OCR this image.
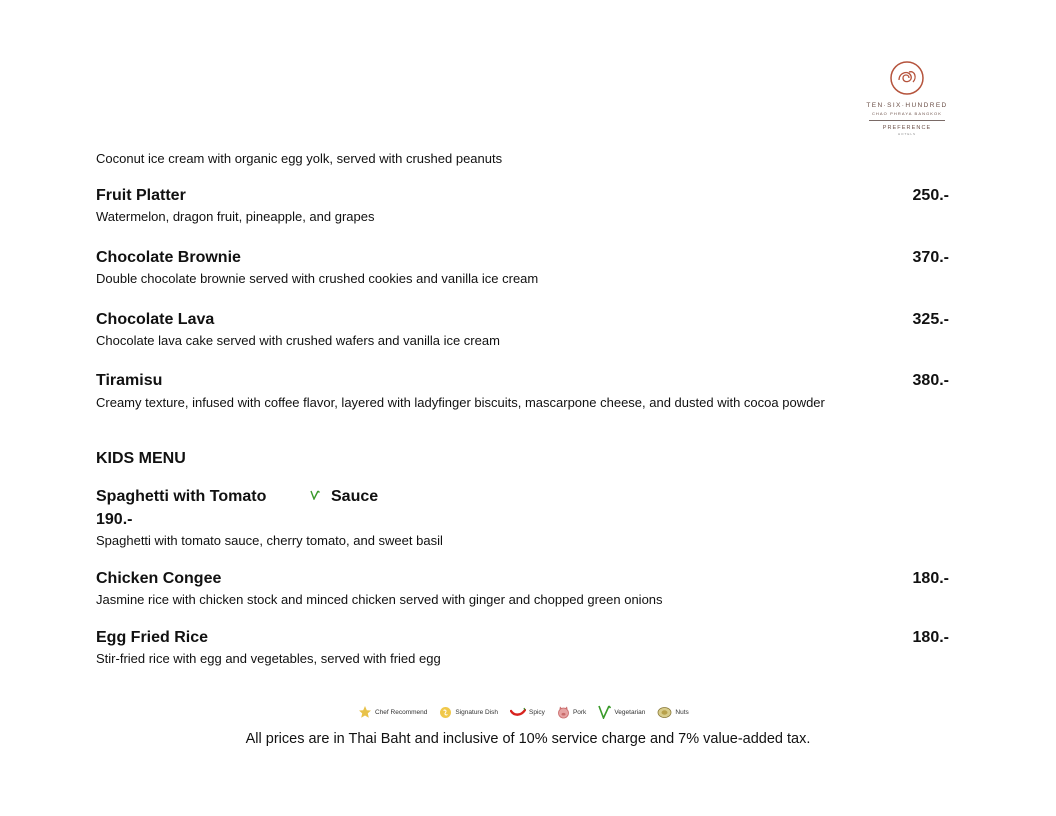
TEN·SIX·HUNDRED
CHAO PHRAYA BANGKOK
PREFERENCE
HOTELS
Coconut ice cream with organic egg yolk, served with crushed peanuts
Fruit Platter	250.-
Watermelon, dragon fruit, pineapple, and grapes
Chocolate Brownie	370.-
Double chocolate brownie served with crushed cookies and vanilla ice cream
Chocolate Lava	325.-
Chocolate lava cake served with crushed wafers and vanilla ice cream
Tiramisu	380.-
Creamy texture, infused with coffee flavor, layered with ladyfinger biscuits, mascarpone cheese, and dusted with cocoa powder
KIDS MENU
Spaghetti with Tomato	Sauce
190.-
Spaghetti with tomato sauce, cherry tomato, and sweet basil
Chicken Congee	180.-
Jasmine rice with chicken stock and minced chicken served with ginger and chopped green onions
Egg Fried Rice	180.-
Stir-fried rice with egg and vegetables, served with fried egg
Chef Recommend	Signature Dish	Spicy	Pork	Vegetarian	Nuts
All prices are in Thai Baht and inclusive of 10% service charge and 7% value-added tax.
